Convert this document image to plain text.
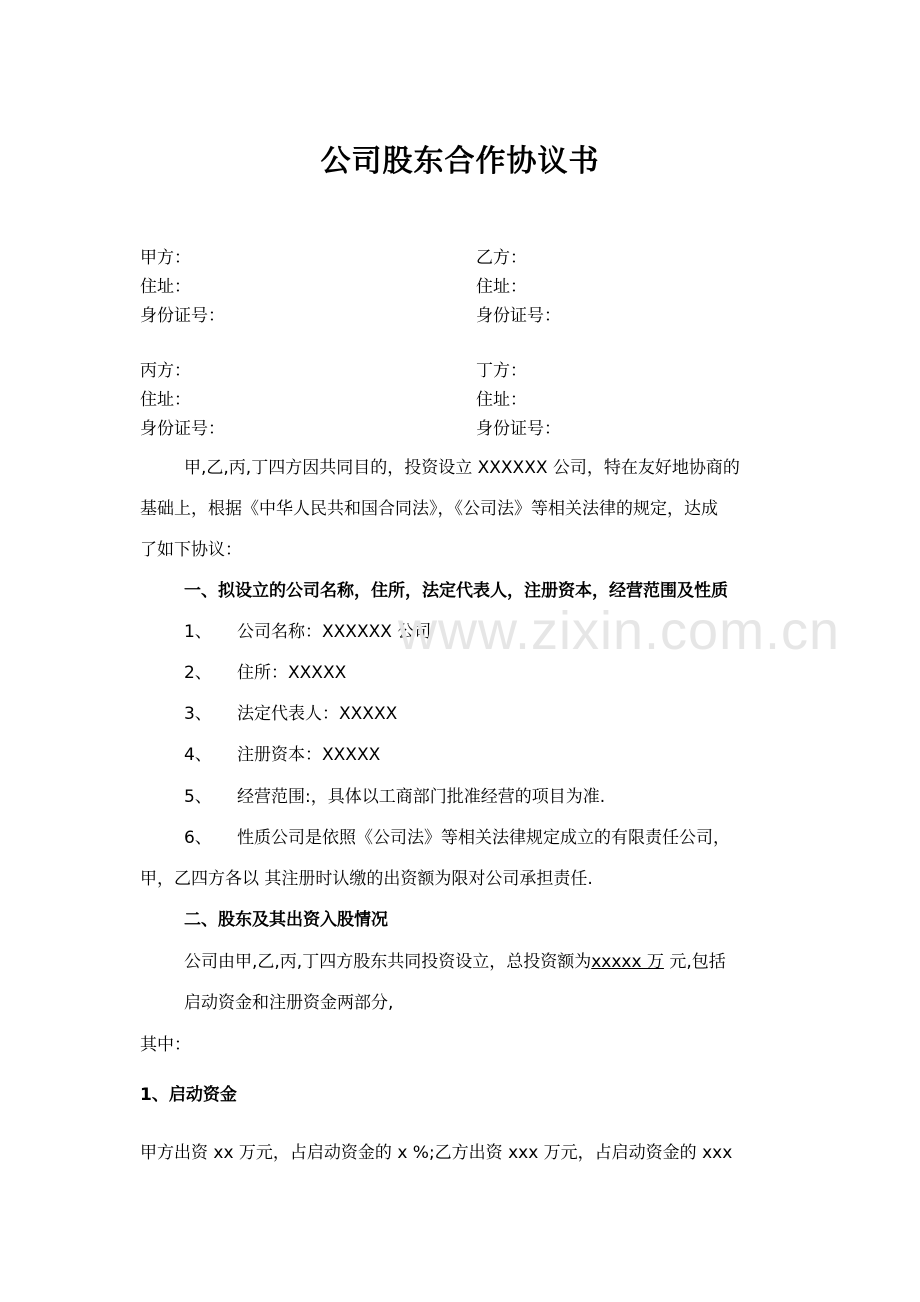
公司股东合作协议书
甲方：	乙方：
住址：	住址：
身份证号：	身份证号：
丙方：	丁方：
住址：	住址：
身份证号：	身份证号：
甲,乙,丙,丁四方因共同目的，投资设立 XXXXXX 公司，特在友好地协商的
基础上，根据《中华人民共和国合同法》，《公司法》等相关法律的规定，达成
了如下协议：
一、拟设立的公司名称，住所，法定代表人，注册资本，经营范围及性质
1、 公司名称：XXXXXX 公司
2、 住所：XXXXX
3、 法定代表人：XXXXX
4、 注册资本：XXXXX
5、 经营范围:，具体以工商部门批准经营的项目为准.
6、 性质公司是依照《公司法》等相关法律规定成立的有限责任公司，
甲，乙四方各以 其注册时认缴的出资额为限对公司承担责任.
二、股东及其出资入股情况
公司由甲,乙,丙,丁四方股东共同投资设立，总投资额为xxxxx 万 元,包括
启动资金和注册资金两部分,
其中：
1、启动资金
甲方出资 xx 万元，占启动资金的 x %;乙方出资 xxx 万元，占启动资金的 xxx
www.zixin.com.cn
